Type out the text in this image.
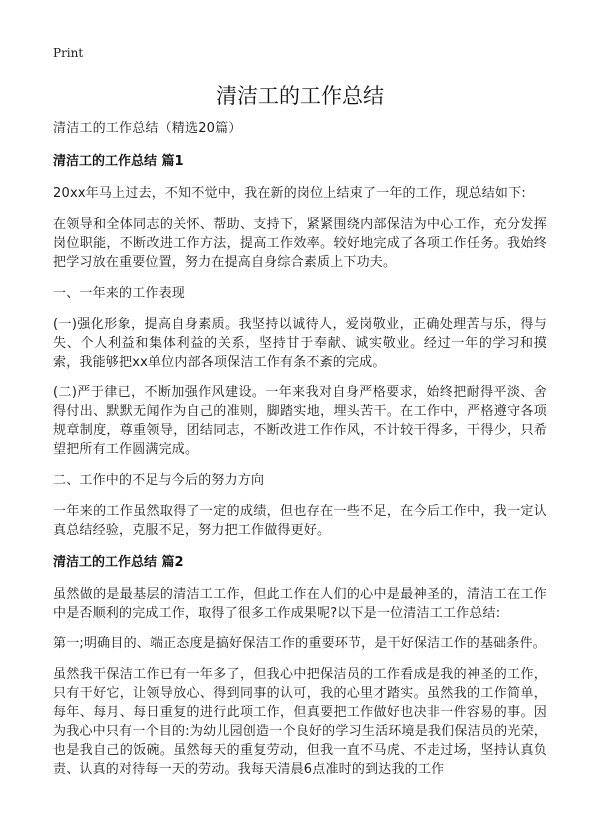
Print
清洁工的工作总结

清洁工的工作总结（精选20篇）

清洁工的工作总结 篇1

20xx年马上过去，不知不觉中，我在新的岗位上结束了一年的工作，现总结如下:

在领导和全体同志的关怀、帮助、支持下，紧紧围绕内部保洁为中心工作，充分发挥岗位职能，不断改进工作方法，提高工作效率。较好地完成了各项工作任务。我始终把学习放在重要位置，努力在提高自身综合素质上下功夫。

一、一年来的工作表现

(一)强化形象，提高自身素质。我坚持以诚待人，爱岗敬业，正确处理苦与乐，得与失、个人利益和集体利益的关系，坚持甘于奉献、诚实敬业。经过一年的学习和摸索，我能够把xx单位内部各项保洁工作有条不紊的完成。

(二)严于律已，不断加强作风建设。一年来我对自身严格要求，始终把耐得平淡、舍得付出、默默无闻作为自己的准则，脚踏实地，埋头苦干。在工作中，严格遵守各项规章制度，尊重领导，团结同志，不断改进工作作风，不计较干得多，干得少，只希望把所有工作圆满完成。

二、工作中的不足与今后的努力方向

一年来的工作虽然取得了一定的成绩，但也存在一些不足，在今后工作中，我一定认真总结经验，克服不足，努力把工作做得更好。

清洁工的工作总结 篇2

虽然做的是最基层的清洁工工作，但此工作在人们的心中是最神圣的，清洁工在工作中是否顺利的完成工作，取得了很多工作成果呢?以下是一位清洁工工作总结:

第一;明确目的、端正态度是搞好保洁工作的重要环节，是干好保洁工作的基础条件。

虽然我干保洁工作已有一年多了，但我心中把保洁员的工作看成是我的神圣的工作，只有干好它，让领导放心、得到同事的认可，我的心里才踏实。虽然我的工作简单，每年、每月、每日重复的进行此项工作，但真要把工作做好也决非一件容易的事。因为我心中只有一个目的:为幼儿园创造一个良好的学习生活环境是我们保洁员的光荣，也是我自己的饭碗。虽然每天的重复劳动，但我一直不马虎、不走过场，坚持认真负责、认真的对待每一天的劳动。我每天清晨6点准时的到达我的工作
